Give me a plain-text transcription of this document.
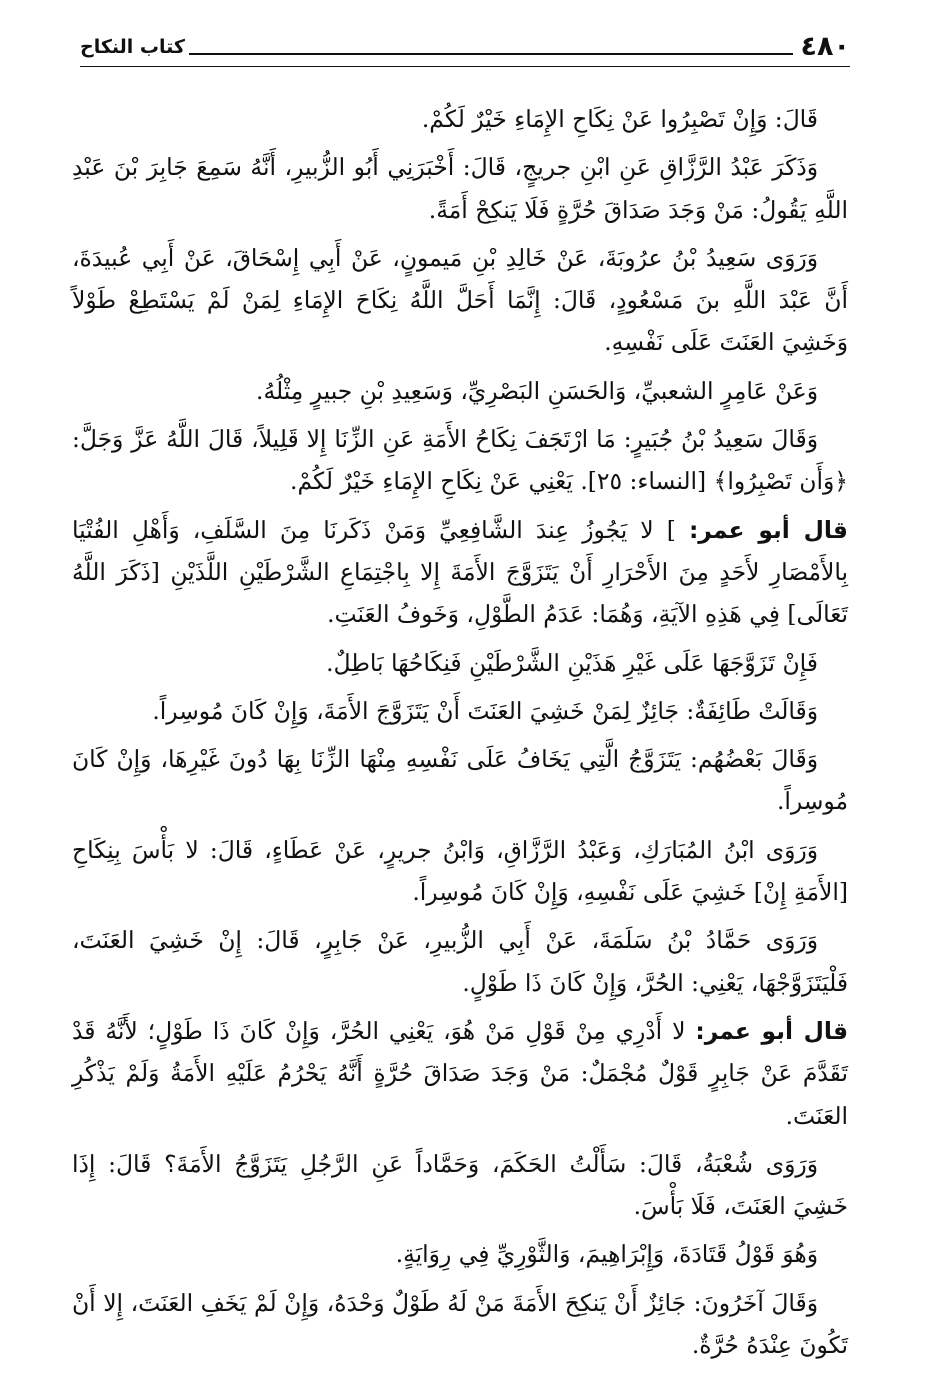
٤٨٠
كتاب النكاح

قَالَ: وَإِنْ تَصْبِرُوا عَنْ نِكَاحِ الإِمَاءِ خَيْرٌ لَكُمْ.

وَذَكَرَ عَبْدُ الرَّزَّاقِ عَنِ ابْنِ جريجٍ، قَالَ: أَخْبَرَنِي أَبُو الزُّبيرِ، أَنَّهُ سَمِعَ جَابِرَ بْنَ عَبْدِ اللَّهِ يَقُولُ: مَنْ وَجَدَ صَدَاقَ حُرَّةٍ فَلَا يَنكِحْ أَمَةً.

وَرَوَى سَعِيدُ بْنُ عرُوبَةَ، عَنْ خَالِدِ بْنِ مَيمونٍ، عَنْ أَبِي إِسْحَاقَ، عَنْ أَبِي عُبيدَةَ، أَنَّ عَبْدَ اللَّهِ بنَ مَسْعُودٍ، قَالَ: إِنَّمَا أَحَلَّ اللَّهُ نِكَاحَ الإِمَاءِ لِمَنْ لَمْ يَسْتَطِعْ طَوْلاً وَخَشِيَ العَنَتَ عَلَى نَفْسِهِ.

وَعَنْ عَامِرٍ الشعبيِّ، وَالحَسَنِ البَصْرِيِّ، وَسَعِيدِ بْنِ جبيرٍ مِثْلُهُ.

وَقَالَ سَعِيدُ بْنُ جُبَيرٍ: مَا ارْتَجَفَ نِكَاحُ الأَمَةِ عَنِ الزِّنَا إِلا قَلِيلاً، قَالَ اللَّهُ عَزَّ وَجَلَّ: ﴿وَأَن تَصْبِرُوا﴾ [النساء: ٢٥]. يَعْنِي عَنْ نِكَاحِ الإِمَاءِ خَيْرٌ لَكُمْ.

قال أبو عمر: ] لا يَجُوزُ عِندَ الشَّافِعِيِّ وَمَنْ ذَكَرنَا مِنَ السَّلَفِ، وَأَهْلِ الفُتْيَا بِالأَمْصَارِ لأَحَدٍ مِنَ الأَحْرَارِ أَنْ يَتَزَوَّجَ الأَمَةَ إِلا بِاجْتِمَاعِ الشَّرْطَيْنِ اللَّذَيْنِ [ذَكَرَ اللَّهُ تَعَالَى] فِي هَذِهِ الآيَةِ، وَهُمَا: عَدَمُ الطَّوْلِ، وَخَوفُ العَنَتِ.

فَإِنْ تَزَوَّجَهَا عَلَى غَيْرِ هَذَيْنِ الشَّرْطَيْنِ فَنِكَاحُهَا بَاطِلٌ.

وَقَالَتْ طَائِفَةٌ: جَائِزٌ لِمَنْ خَشِيَ العَنَتَ أَنْ يَتَزَوَّجَ الأَمَةَ، وَإِنْ كَانَ مُوسِراً.

وَقَالَ بَعْضُهُم: يَتَزَوَّجُ الَّتِي يَخَافُ عَلَى نَفْسِهِ مِنْهَا الزِّنَا بِهَا دُونَ غَيْرِهَا، وَإِنْ كَانَ مُوسِراً.

وَرَوَى ابْنُ المُبَارَكِ، وَعَبْدُ الرَّزَّاقِ، وَابْنُ جريرٍ، عَنْ عَطَاءٍ، قَالَ: لا بَأْسَ بِنِكَاحِ [الأَمَةِ إِنْ] خَشِيَ عَلَى نَفْسِهِ، وَإِنْ كَانَ مُوسِراً.

وَرَوَى حَمَّادُ بْنُ سَلَمَةَ، عَنْ أَبِي الزُّبيرِ، عَنْ جَابِرٍ، قَالَ: إِنْ خَشِيَ العَنَتَ، فَلْيَتَزَوَّجْهَا، يَعْنِي: الحُرَّ، وَإِنْ كَانَ ذَا طَوْلٍ.

قال أبو عمر: لا أَدْرِي مِنْ قَوْلِ مَنْ هُوَ، يَعْنِي الحُرَّ، وَإِنْ كَانَ ذَا طَوْلٍ؛ لأَنَّهُ قَدْ تَقَدَّمَ عَنْ جَابِرٍ قَوْلٌ مُجْمَلٌ: مَنْ وَجَدَ صَدَاقَ حُرَّةٍ أَنَّهُ يَحْرُمُ عَلَيْهِ الأَمَةُ وَلَمْ يَذْكُرِ العَنَتَ.

وَرَوَى شُعْبَةُ، قَالَ: سَأَلْتُ الحَكَمَ، وَحَمَّاداً عَنِ الرَّجُلِ يَتَزَوَّجُ الأَمَةَ؟ قَالَ: إِذَا خَشِيَ العَنَتَ، فَلَا بَأْسَ.

وَهُوَ قَوْلُ قَتَادَةَ، وَإِبْرَاهِيمَ، وَالثَّوْرِيِّ فِي رِوَايَةٍ.

وَقَالَ آخَرُونَ: جَائِزٌ أَنْ يَنكِحَ الأَمَةَ مَنْ لَهُ طَوْلٌ وَحْدَهُ، وَإِنْ لَمْ يَخَفِ العَنَتَ، إِلا أَنْ تَكُونَ عِنْدَهُ حُرَّةٌ.
